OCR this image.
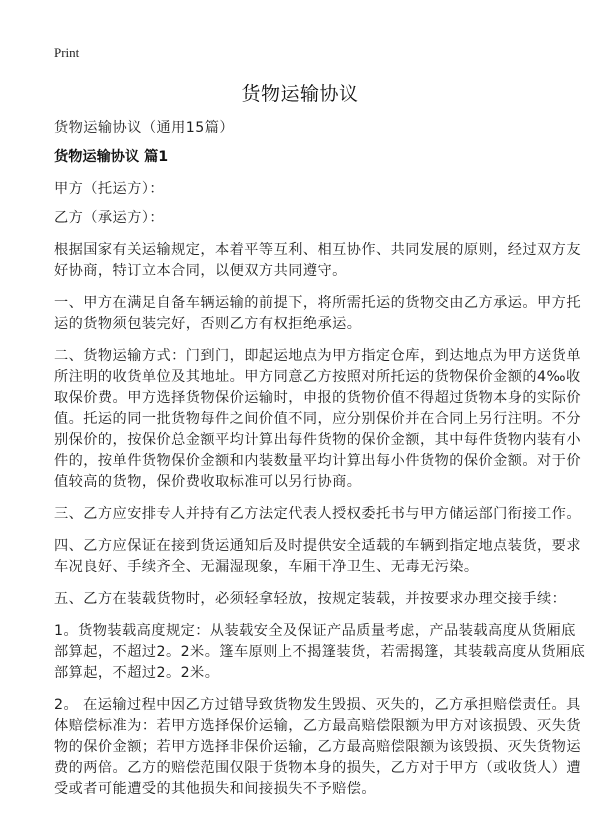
Print
货物运输协议

货物运输协议（通用15篇）

货物运输协议 篇1

甲方（托运方）：

乙方（承运方）：

根据国家有关运输规定，本着平等互利、相互协作、共同发展的原则，经过双方友
好协商，特订立本合同，以便双方共同遵守。

一、甲方在满足自备车辆运输的前提下，将所需托运的货物交由乙方承运。甲方托
运的货物须包装完好，否则乙方有权拒绝承运。

二、货物运输方式：门到门，即起运地点为甲方指定仓库，到达地点为甲方送货单
所注明的收货单位及其地址。甲方同意乙方按照对所托运的货物保价金额的4‰收
取保价费。甲方选择货物保价运输时，申报的货物价值不得超过货物本身的实际价
值。托运的同一批货物每件之间价值不同，应分别保价并在合同上另行注明。不分
别保价的，按保价总金额平均计算出每件货物的保价金额，其中每件货物内装有小
件的，按单件货物保价金额和内装数量平均计算出每小件货物的保价金额。对于价
值较高的货物，保价费收取标准可以另行协商。

三、乙方应安排专人并持有乙方法定代表人授权委托书与甲方储运部门衔接工作。

四、乙方应保证在接到货运通知后及时提供安全适载的车辆到指定地点装货，要求
车况良好、手续齐全、无漏湿现象，车厢干净卫生、无毒无污染。

五、乙方在装载货物时，必须轻拿轻放，按规定装载，并按要求办理交接手续：

1。货物装载高度规定：从装载安全及保证产品质量考虑，产品装载高度从货厢底
部算起，不超过2。2米。篷车原则上不揭篷装货，若需揭篷，其装载高度从货厢底
部算起，不超过2。2米。

2。 在运输过程中因乙方过错导致货物发生毁损、灭失的，乙方承担赔偿责任。具
体赔偿标准为：若甲方选择保价运输，乙方最高赔偿限额为甲方对该损毁、灭失货
物的保价金额；若甲方选择非保价运输，乙方最高赔偿限额为该毁损、灭失货物运
费的两倍。乙方的赔偿范围仅限于货物本身的损失，乙方对于甲方（或收货人）遭
受或者可能遭受的其他损失和间接损失不予赔偿。
